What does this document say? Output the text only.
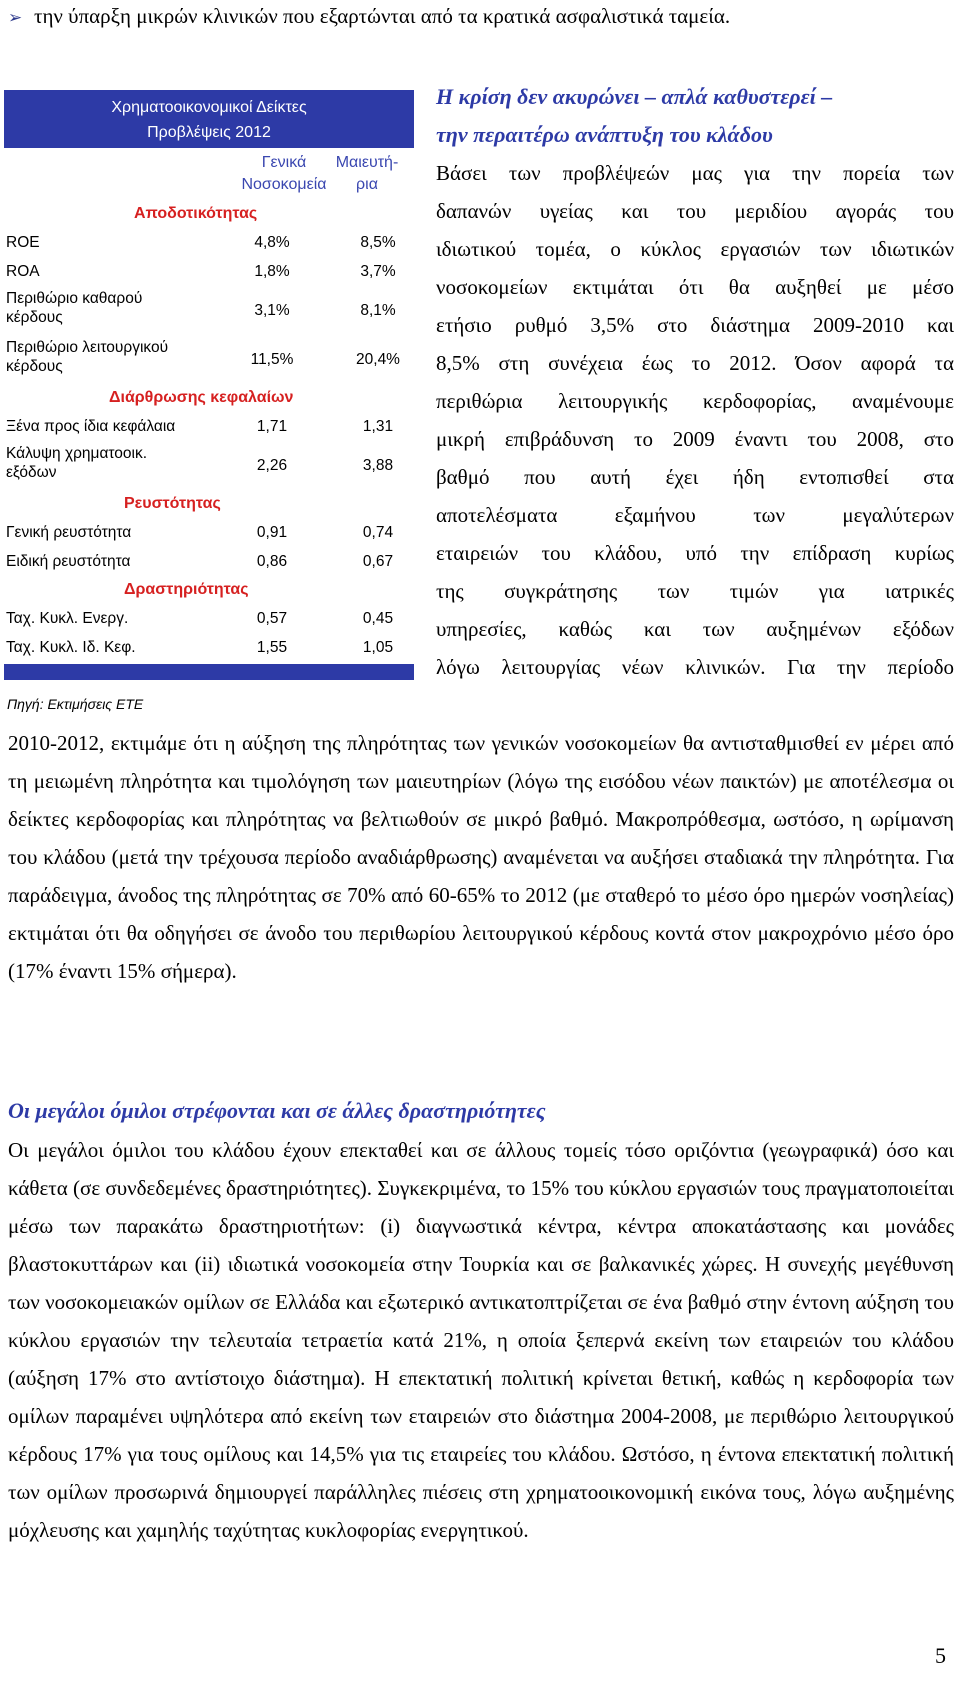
➢ την ύπαρξη μικρών κλινικών που εξαρτώνται από τα κρατικά ασφαλιστικά ταμεία.
Χρηματοοικονομικοί Δείκτες
Προβλέψεις 2012
Γενικά
Νοσοκομεία
Μαιευτή-
ρια
Αποδοτικότητας
ROE	4,8%	8,5%
ROA	1,8%	3,7%
Περιθώριο καθαρού
κέρδους	3,1%	8,1%
Περιθώριο λειτουργικού
κέρδους	11,5%	20,4%
Διάρθρωσης κεφαλαίων
Ξένα προς ίδια κεφάλαια	1,71	1,31
Κάλυψη χρηματοοικ.
εξόδων	2,26	3,88
Ρευστότητας
Γενική ρευστότητα	0,91	0,74
Ειδική ρευστότητα	0,86	0,67
Δραστηριότητας
Ταχ. Κυκλ. Ενεργ.	0,57	0,45
Ταχ. Κυκλ. Ιδ. Κεφ.	1,55	1,05
Πηγή: Εκτιμήσεις ΕΤΕ
Η κρίση δεν ακυρώνει – απλά καθυστερεί –
την περαιτέρω ανάπτυξη του κλάδου
Βάσει των προβλέψεών μας για την πορεία των
δαπανών υγείας και του μεριδίου αγοράς του
ιδιωτικού τομέα, ο κύκλος εργασιών των ιδιωτικών
νοσοκομείων εκτιμάται ότι θα αυξηθεί με μέσο
ετήσιο ρυθμό 3,5% στο διάστημα 2009-2010 και
8,5% στη συνέχεια έως το 2012. Όσον αφορά τα
περιθώρια λειτουργικής κερδοφορίας, αναμένουμε
μικρή επιβράδυνση το 2009 έναντι του 2008, στο
βαθμό που αυτή έχει ήδη εντοπισθεί στα
αποτελέσματα εξαμήνου των μεγαλύτερων
εταιρειών του κλάδου, υπό την επίδραση κυρίως
της συγκράτησης των τιμών για ιατρικές
υπηρεσίες, καθώς και των αυξημένων εξόδων
λόγω λειτουργίας νέων κλινικών. Για την περίοδο

2010-2012, εκτιμάμε ότι η αύξηση της πληρότητας των γενικών νοσοκομείων θα αντισταθμισθεί εν μέρει από τη μειωμένη πληρότητα και τιμολόγηση των μαιευτηρίων (λόγω της εισόδου νέων παικτών) με αποτέλεσμα οι δείκτες κερδοφορίας και πληρότητας να βελτιωθούν σε μικρό βαθμό. Μακροπρόθεσμα, ωστόσο, η ωρίμανση του κλάδου (μετά την τρέχουσα περίοδο αναδιάρθρωσης) αναμένεται να αυξήσει σταδιακά την πληρότητα. Για παράδειγμα, άνοδος της πληρότητας σε 70% από 60-65% το 2012 (με σταθερό το μέσο όρο ημερών νοσηλείας) εκτιμάται ότι θα οδηγήσει σε άνοδο του περιθωρίου λειτουργικού κέρδους κοντά στον μακροχρόνιο μέσο όρο (17% έναντι 15% σήμερα).

Οι μεγάλοι όμιλοι στρέφονται και σε άλλες δραστηριότητες

Οι μεγάλοι όμιλοι του κλάδου έχουν επεκταθεί και σε άλλους τομείς τόσο οριζόντια (γεωγραφικά) όσο και κάθετα (σε συνδεδεμένες δραστηριότητες). Συγκεκριμένα, το 15% του κύκλου εργασιών τους πραγματοποιείται μέσω των παρακάτω δραστηριοτήτων: (i) διαγνωστικά κέντρα, κέντρα αποκατάστασης και μονάδες βλαστοκυττάρων και (ii) ιδιωτικά νοσοκομεία στην Τουρκία και σε βαλκανικές χώρες. Η συνεχής μεγέθυνση των νοσοκομειακών ομίλων σε Ελλάδα και εξωτερικό αντικατοπτρίζεται σε ένα βαθμό στην έντονη αύξηση του κύκλου εργασιών την τελευταία τετραετία κατά 21%, η οποία ξεπερνά εκείνη των εταιρειών του κλάδου (αύξηση 17% στο αντίστοιχο διάστημα). Η επεκτατική πολιτική κρίνεται θετική, καθώς η κερδοφορία των ομίλων παραμένει υψηλότερα από εκείνη των εταιρειών στο διάστημα 2004-2008, με περιθώριο λειτουργικού κέρδους 17% για τους ομίλους και 14,5% για τις εταιρείες του κλάδου. Ωστόσο, η έντονα επεκτατική πολιτική των ομίλων προσωρινά δημιουργεί παράλληλες πιέσεις στη χρηματοοικονομική εικόνα τους, λόγω αυξημένης μόχλευσης και χαμηλής ταχύτητας κυκλοφορίας ενεργητικού.

5
